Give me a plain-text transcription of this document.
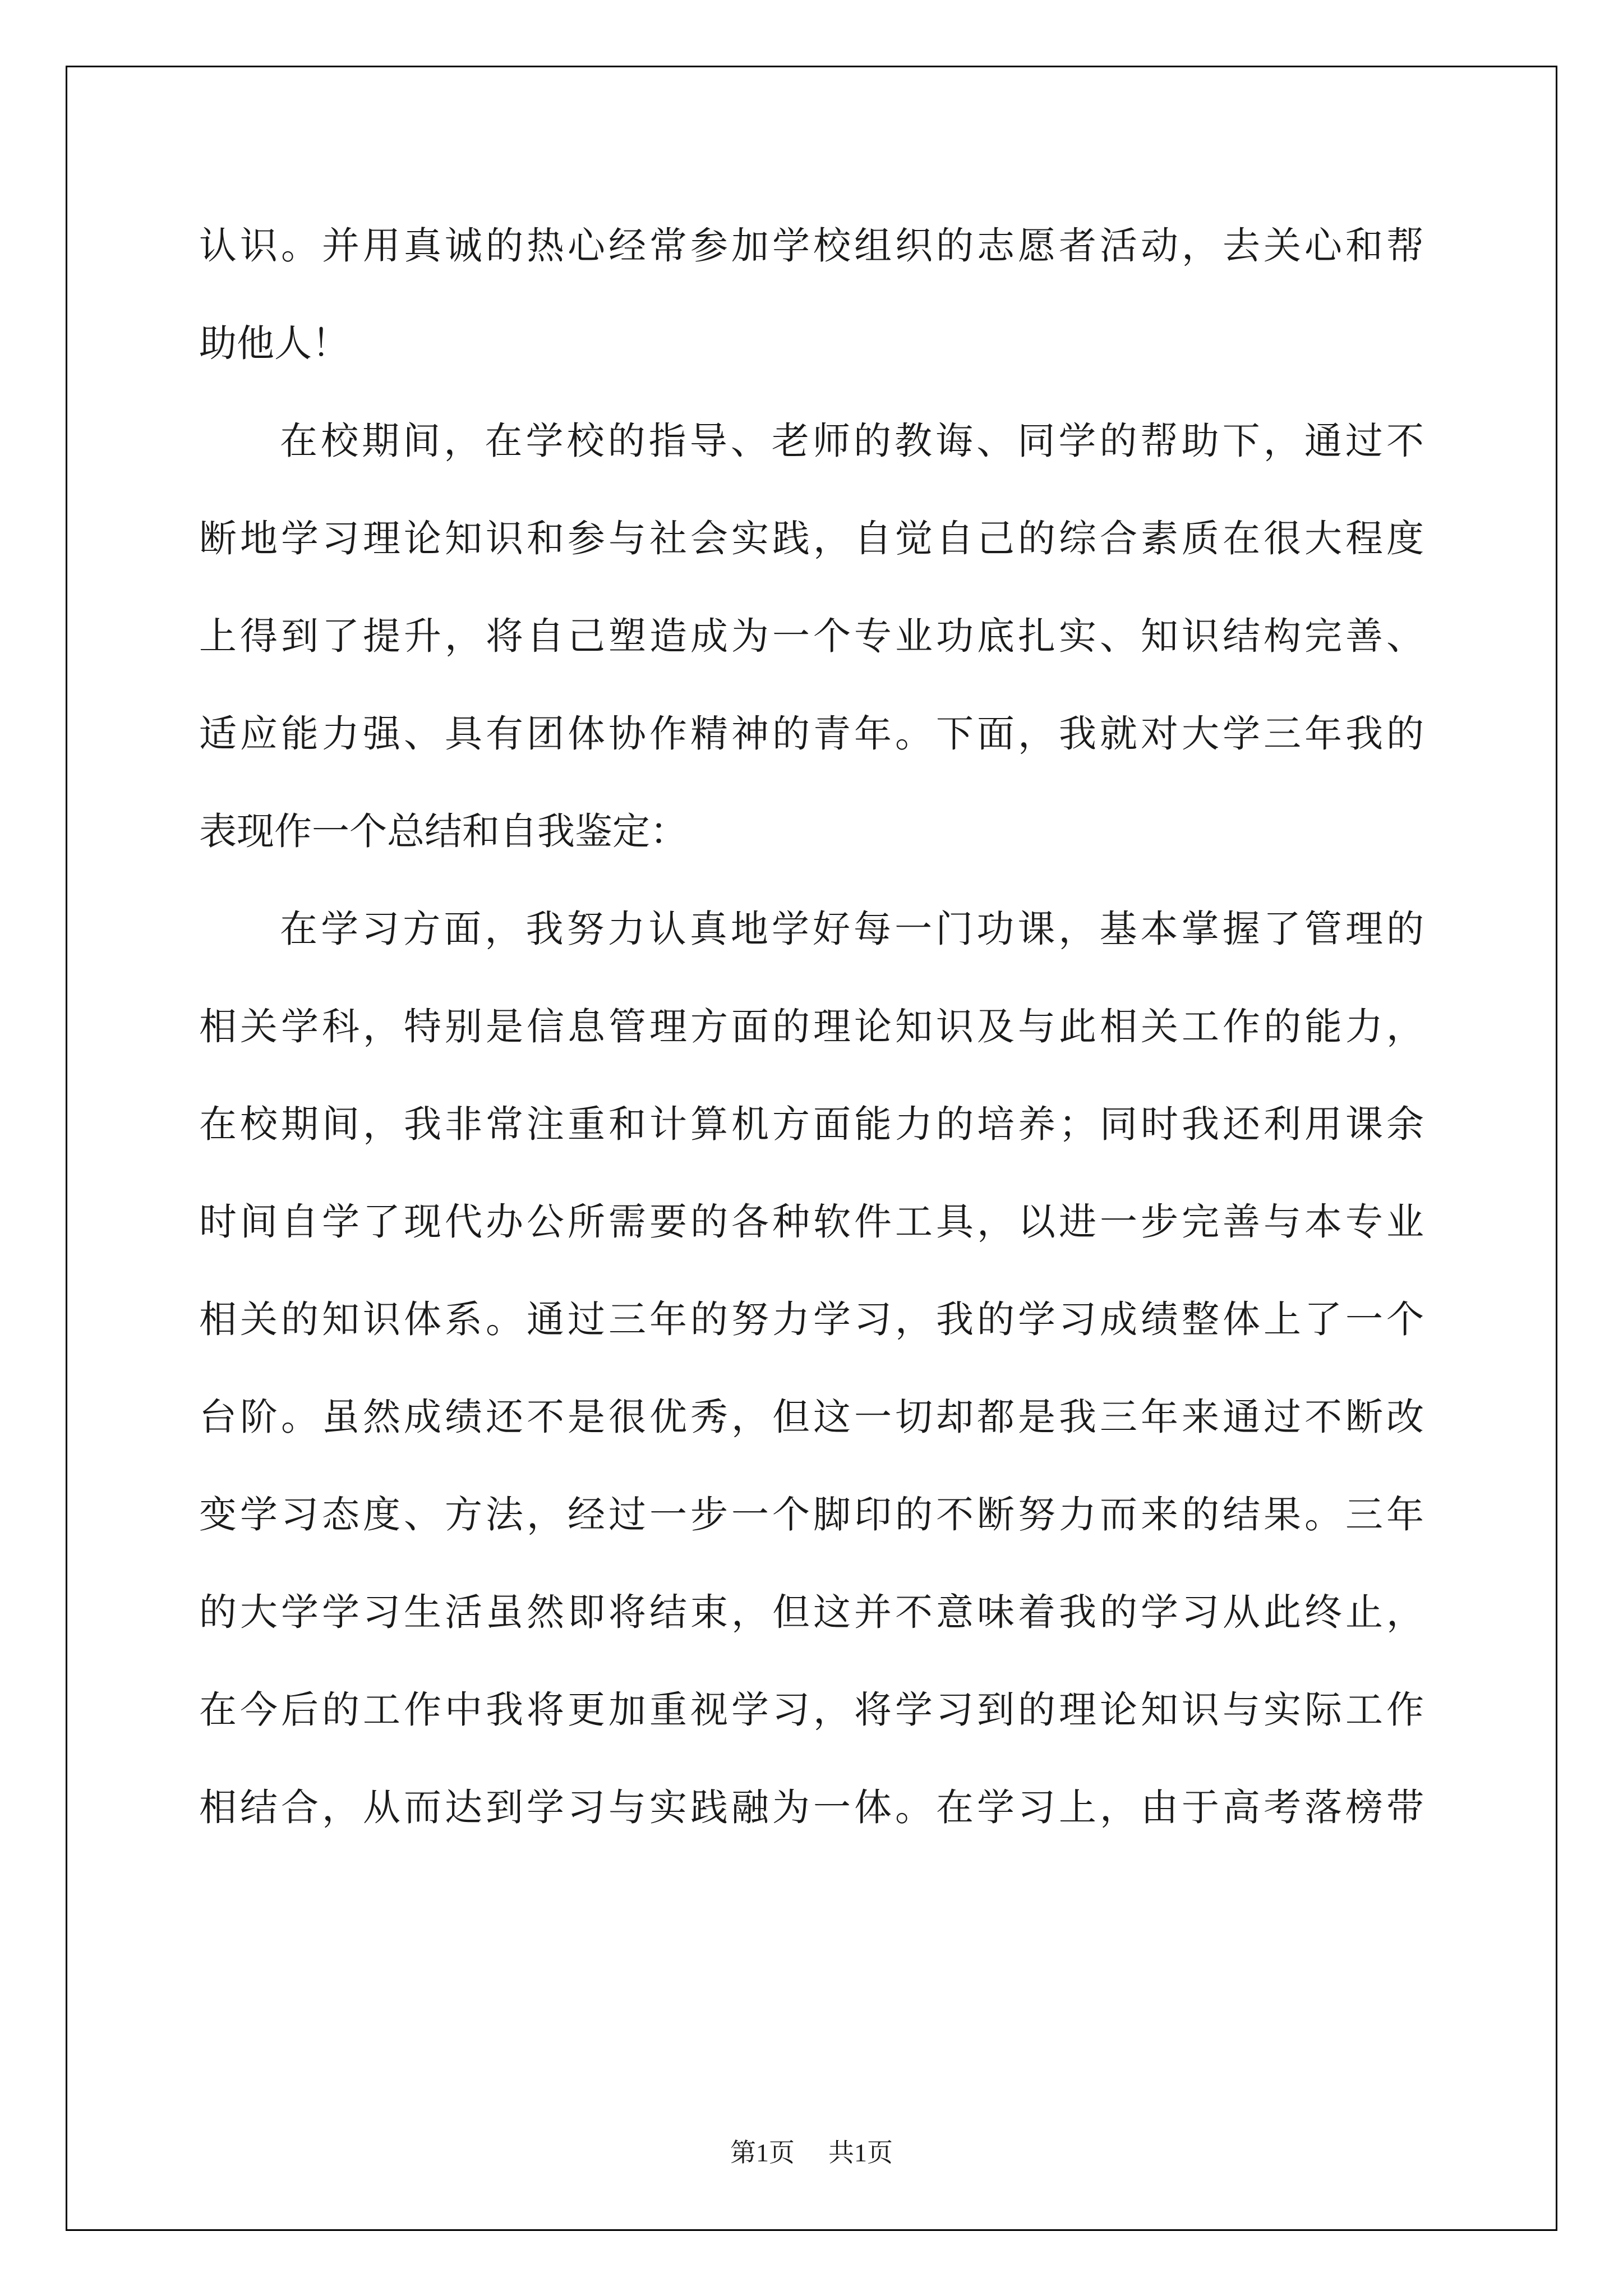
认识。并用真诚的热心经常参加学校组织的志愿者活动，去关心和帮
助他人！
在校期间，在学校的指导、老师的教诲、同学的帮助下，通过不
断地学习理论知识和参与社会实践，自觉自己的综合素质在很大程度
上得到了提升，将自己塑造成为一个专业功底扎实、知识结构完善、
适应能力强、具有团体协作精神的青年。下面，我就对大学三年我的
表现作一个总结和自我鉴定：
在学习方面，我努力认真地学好每一门功课，基本掌握了管理的
相关学科，特别是信息管理方面的理论知识及与此相关工作的能力，
在校期间，我非常注重和计算机方面能力的培养；同时我还利用课余
时间自学了现代办公所需要的各种软件工具，以进一步完善与本专业
相关的知识体系。通过三年的努力学习，我的学习成绩整体上了一个
台阶。虽然成绩还不是很优秀，但这一切却都是我三年来通过不断改
变学习态度、方法，经过一步一个脚印的不断努力而来的结果。三年
的大学学习生活虽然即将结束，但这并不意味着我的学习从此终止，
在今后的工作中我将更加重视学习，将学习到的理论知识与实际工作
相结合，从而达到学习与实践融为一体。在学习上，由于高考落榜带
第1页 共1页
